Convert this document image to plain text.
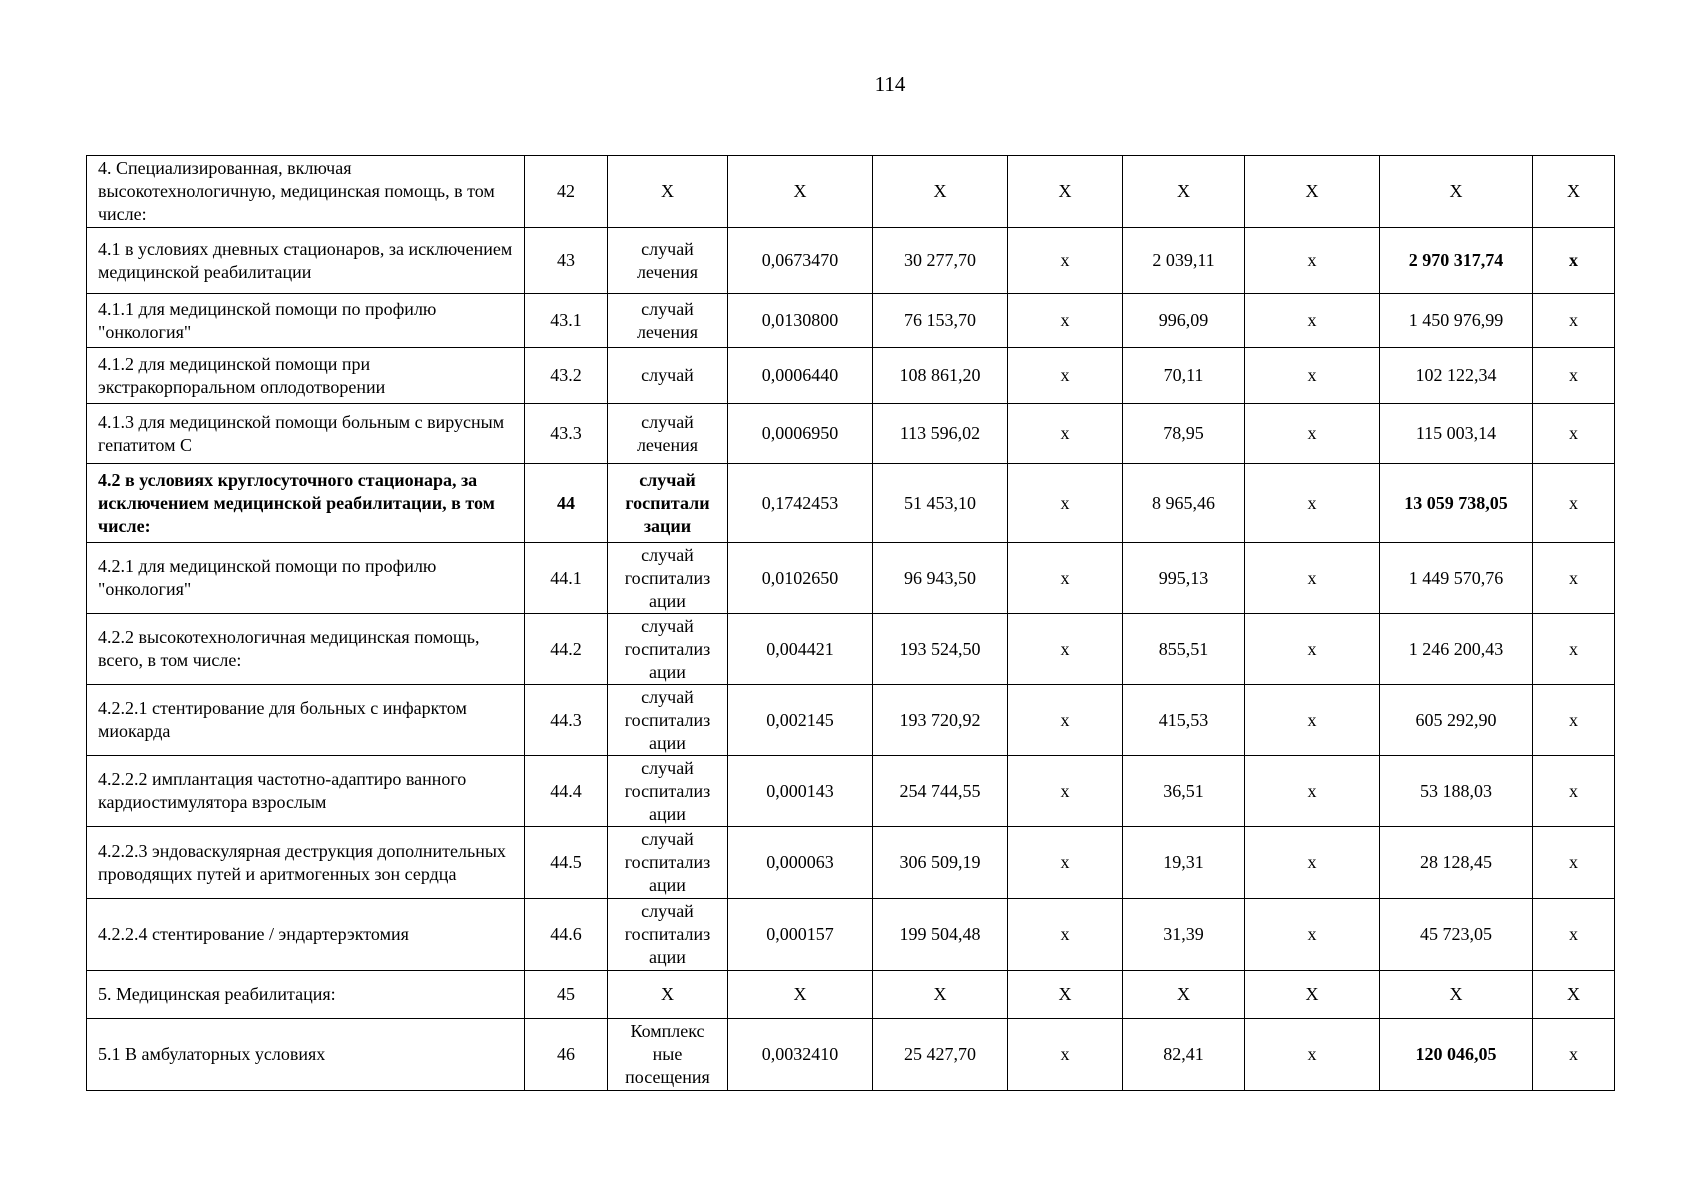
114
4. Специализированная, включая высокотехнологичную, медицинская помощь, в том числе:	42	X	X	X	X	X	X	X	X
4.1 в условиях дневных стационаров, за исключением медицинской реабилитации	43	случай лечения	0,0673470	30 277,70	х	2 039,11	х	2 970 317,74	х
4.1.1 для медицинской помощи по профилю "онкология"	43.1	случай лечения	0,0130800	76 153,70	х	996,09	х	1 450 976,99	х
4.1.2 для медицинской помощи при экстракорпоральном оплодотворении	43.2	случай	0,0006440	108 861,20	х	70,11	х	102 122,34	х
4.1.3 для медицинской помощи больным с вирусным гепатитом С	43.3	случай лечения	0,0006950	113 596,02	х	78,95	х	115 003,14	х
4.2 в условиях круглосуточного стационара, за исключением медицинской реабилитации, в том числе:	44	случай госпитали зации	0,1742453	51 453,10	х	8 965,46	х	13 059 738,05	х
4.2.1 для медицинской помощи по профилю "онкология"	44.1	случай госпитализ ации	0,0102650	96 943,50	х	995,13	х	1 449 570,76	х
4.2.2 высокотехнологичная медицинская помощь, всего, в том числе:	44.2	случай госпитализ ации	0,004421	193 524,50	х	855,51	х	1 246 200,43	х
4.2.2.1 стентирование для больных с инфарктом миокарда	44.3	случай госпитализ ации	0,002145	193 720,92	х	415,53	х	605 292,90	х
4.2.2.2 имплантация частотно-адаптиро ванного кардиостимулятора взрослым	44.4	случай госпитализ ации	0,000143	254 744,55	х	36,51	х	53 188,03	х
4.2.2.3 эндоваскулярная деструкция дополнительных проводящих путей и аритмогенных зон сердца	44.5	случай госпитализ ации	0,000063	306 509,19	х	19,31	х	28 128,45	х
4.2.2.4 стентирование / эндартерэктомия	44.6	случай госпитализ ации	0,000157	199 504,48	х	31,39	х	45 723,05	х
5. Медицинская реабилитация:	45	X	X	X	X	X	X	X	X
5.1 В амбулаторных условиях	46	Комплекс ные посещения	0,0032410	25 427,70	х	82,41	х	120 046,05	х
